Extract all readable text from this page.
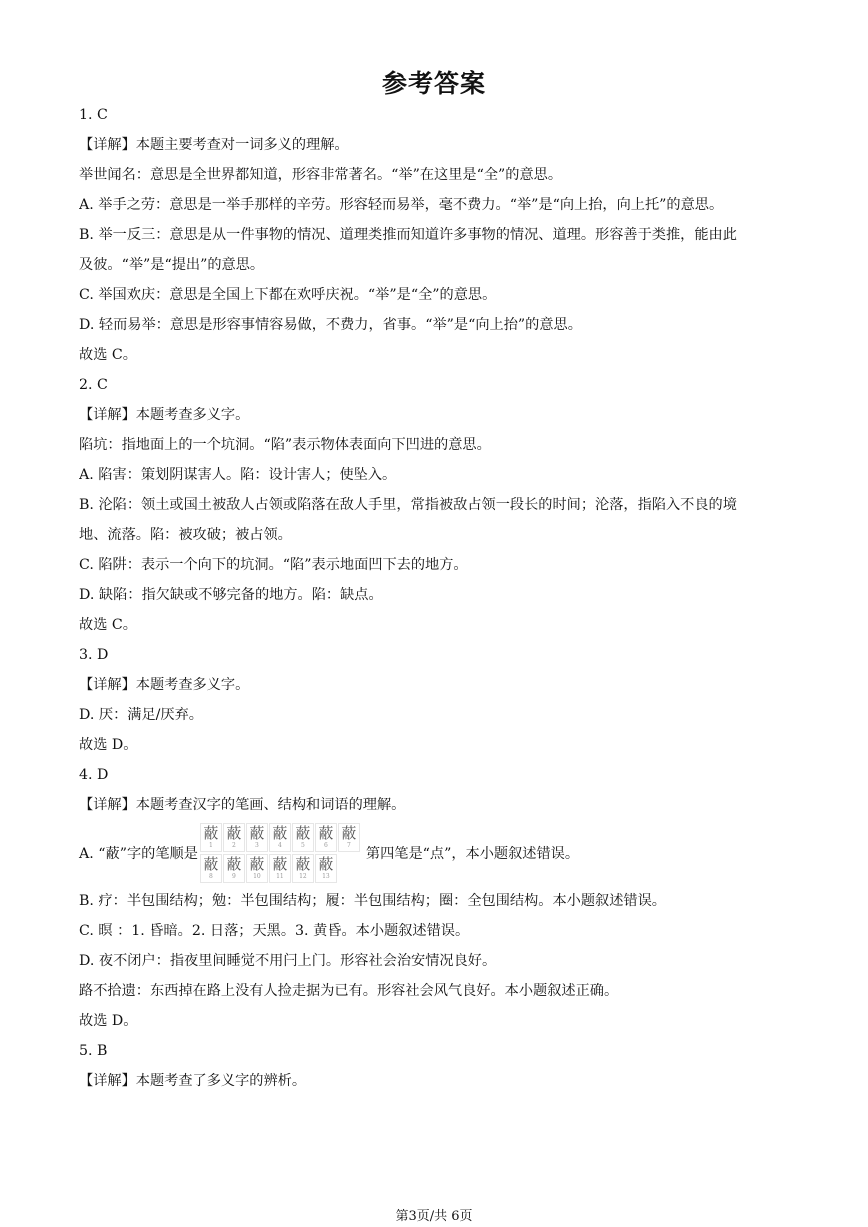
参考答案
1. C
【详解】本题主要考查对一词多义的理解。
举世闻名：意思是全世界都知道，形容非常著名。“举”在这里是“全”的意思。
A. 举手之劳：意思是一举手那样的辛劳。形容轻而易举，毫不费力。“举”是“向上抬，向上托”的意思。
B. 举一反三：意思是从一件事物的情况、道理类推而知道许多事物的情况、道理。形容善于类推，能由此
及彼。“举”是“提出”的意思。
C. 举国欢庆：意思是全国上下都在欢呼庆祝。“举”是“全”的意思。
D. 轻而易举：意思是形容事情容易做，不费力，省事。“举”是“向上抬”的意思。
故选 C。
2. C
【详解】本题考查多义字。
陷坑：指地面上的一个坑洞。“陷”表示物体表面向下凹进的意思。
A. 陷害：策划阴谋害人。陷：设计害人；使坠入。
B. 沦陷：领土或国土被敌人占领或陷落在敌人手里，常指被敌占领一段长的时间；沦落，指陷入不良的境
地、流落。陷：被攻破；被占领。
C. 陷阱：表示一个向下的坑洞。“陷”表示地面凹下去的地方。
D. 缺陷：指欠缺或不够完备的地方。陷：缺点。
故选 C。
3. D
【详解】本题考查多义字。
D. 厌：满足/厌弃。
故选 D。
4. D
【详解】本题考查汉字的笔画、结构和词语的理解。
A. “蔽”字的笔顺是
蔽
1
蔽
2
蔽
3
蔽
4
蔽
5
蔽
6
蔽
7
蔽
8
蔽
9
蔽
10
蔽
11
蔽
12
蔽
13
第四笔是“点”，本小题叙述错误。
B. 疗：半包围结构；勉：半包围结构；履：半包围结构；圈：全包围结构。本小题叙述错误。
C. 暝 ：1. 昏暗。2. 日落；天黑。3. 黄昏。本小题叙述错误。
D. 夜不闭户：指夜里间睡觉不用闩上门。形容社会治安情况良好。
路不拾遗：东西掉在路上没有人捡走据为已有。形容社会风气良好。本小题叙述正确。
故选 D。
5. B
【详解】本题考查了多义字的辨析。
第3页/共 6页
